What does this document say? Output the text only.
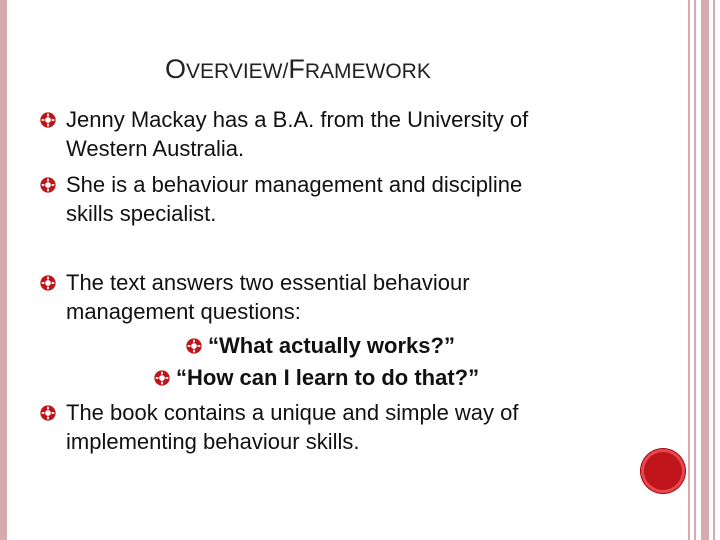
OVERVIEW/FRAMEWORK
Jenny Mackay has a B.A. from the University of
Western Australia.
She is a behaviour management and discipline
skills specialist.
The text answers two essential behaviour
management questions:
“What actually works?”
“How can I learn to do that?”
The book contains a unique and simple way of
implementing behaviour skills.
